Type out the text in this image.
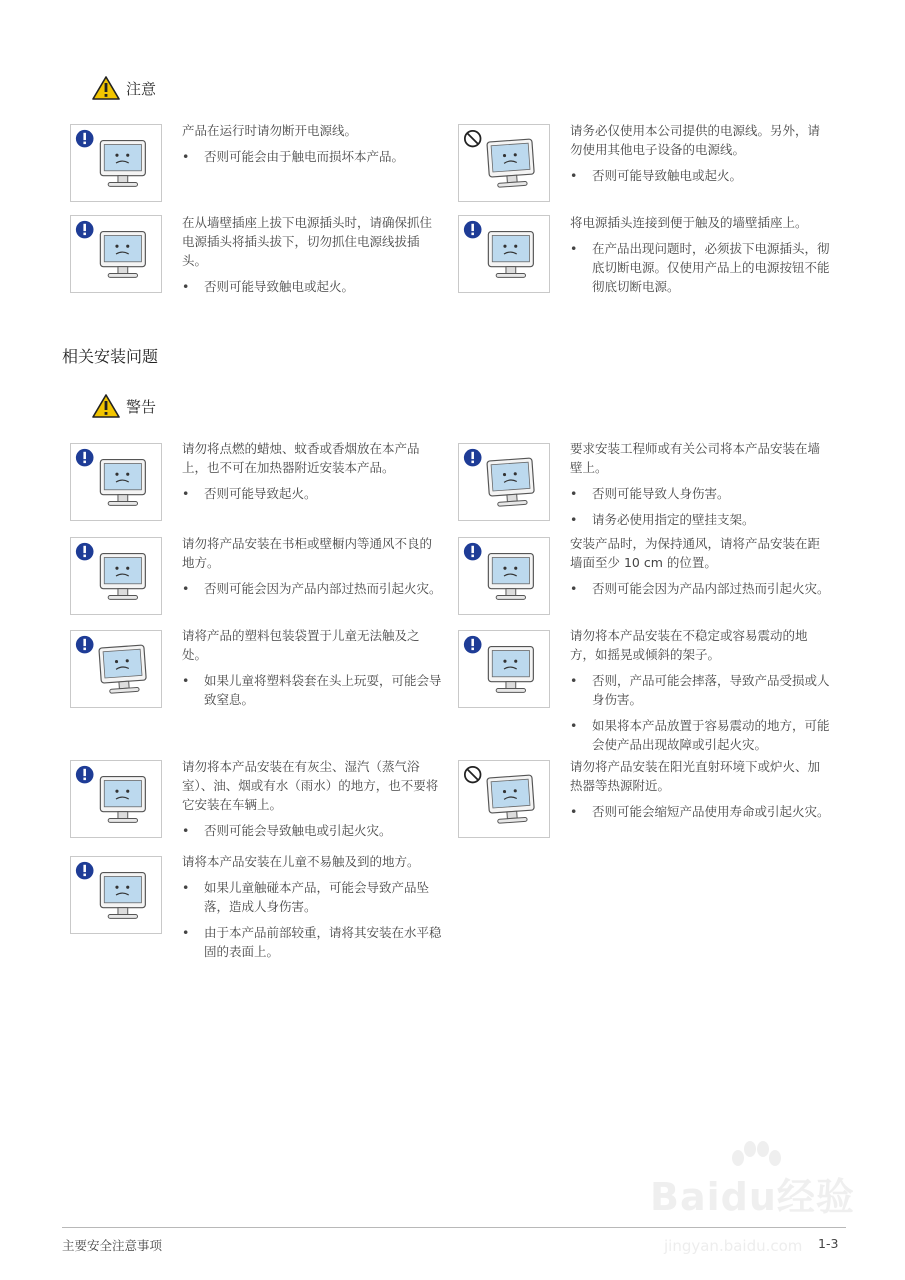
注意
相关安装问题
警告

产品在运行时请勿断开电源线。

•	否则可能会由于触电而损坏本产品。

请务必仅使用本公司提供的电源线。另外，请勿使用其他电子设备的电源线。

•	否则可能导致触电或起火。

在从墙壁插座上拔下电源插头时，请确保抓住电源插头将插头拔下，切勿抓住电源线拔插头。

•	否则可能导致触电或起火。

将电源插头连接到便于触及的墙壁插座上。

•	在产品出现问题时，必须拔下电源插头，彻底切断电源。仅使用产品上的电源按钮不能彻底切断电源。

请勿将点燃的蜡烛、蚊香或香烟放在本产品上，也不可在加热器附近安装本产品。

•	否则可能导致起火。

要求安装工程师或有关公司将本产品安装在墙壁上。

•	否则可能导致人身伤害。
•	请务必使用指定的壁挂支架。

请勿将产品安装在书柜或壁橱内等通风不良的地方。

•	否则可能会因为产品内部过热而引起火灾。

安装产品时，为保持通风，请将产品安装在距墙面至少 10 cm 的位置。

•	否则可能会因为产品内部过热而引起火灾。

请将产品的塑料包装袋置于儿童无法触及之处。

•	如果儿童将塑料袋套在头上玩耍，可能会导致窒息。

请勿将本产品安装在不稳定或容易震动的地方，如摇晃或倾斜的架子。

•	否则，产品可能会摔落，导致产品受损或人身伤害。
•	如果将本产品放置于容易震动的地方，可能会使产品出现故障或引起火灾。

请勿将本产品安装在有灰尘、湿汽（蒸气浴室）、油、烟或有水（雨水）的地方，也不要将它安装在车辆上。

•	否则可能会导致触电或引起火灾。

请勿将产品安装在阳光直射环境下或炉火、加热器等热源附近。

•	否则可能会缩短产品使用寿命或引起火灾。

请将本产品安装在儿童不易触及到的地方。

•	如果儿童触碰本产品，可能会导致产品坠落，造成人身伤害。
•	由于本产品前部较重，请将其安装在水平稳固的表面上。
Baidu经验
jingyan.baidu.com
主要安全注意事项	1-3
